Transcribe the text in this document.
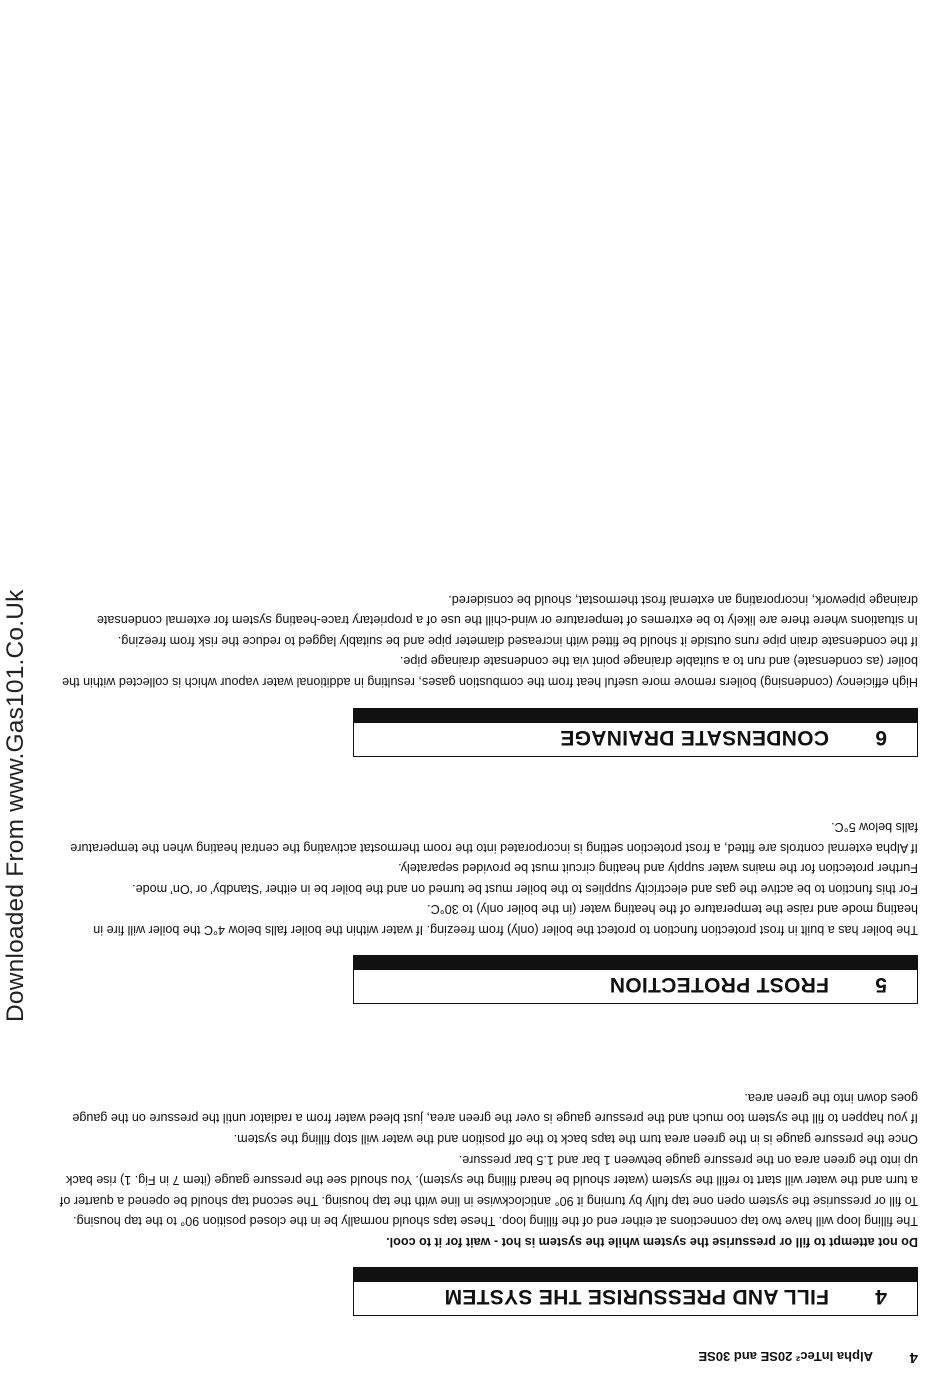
4
Alpha InTec² 20SE and 30SE
4FILL AND PRESSURISE THE SYSTEM

Do not attempt to fill or pressurise the system while the system is hot - wait for it to cool.

The filling loop will have two tap connections at either end of the filling loop. These taps should normally be in the closed position 90° to the tap housing.

To fill or pressurise the system open one tap fully by turning it 90° anticlockwise in line with the tap housing. The second tap should be opened a quarter of a turn and the water will start to refill the system (water should be heard filling the system). You should see the pressure gauge (item 7 in Fig. 1) rise back up into the green area on the pressure gauge between 1 bar and 1.5 bar pressure.

Once the pressure gauge is in the green area turn the taps back to the off position and the water will stop filling the system.

If you happen to fill the system too much and the pressure gauge is over the green area, just bleed water from a radiator until the pressure on the gauge goes down into the green area.

5FROST PROTECTION

The boiler has a built in frost protection function to protect the boiler (only) from freezing. If water within the boiler falls below 4°C the boiler will fire in heating mode and raise the temperature of the heating water (in the boiler only) to 30°C.

For this function to be active the gas and electricity supplies to the boiler must be turned on and the boiler be in either ‘Standby’ or ‘On’ mode.

Further protection for the mains water supply and heating circuit must be provided separately.

If Alpha external controls are fitted, a frost protection setting is incorporated into the room thermostat activating the central heating when the temperature falls below 5°C.

6CONDENSATE DRAINAGE

High efficiency (condensing) boilers remove more useful heat from the combustion gases, resulting in additional water vapour which is collected within the boiler (as condensate) and run to a suitable drainage point via the condensate drainage pipe.

If the condensate drain pipe runs outside it should be fitted with increased diameter pipe and be suitably lagged to reduce the risk from freezing.

In situations where there are likely to be extremes of temperature or wind-chill the use of a proprietary trace-heating system for external condensate drainage pipework, incorporating an external frost thermostat, should be considered.

Downloaded From www.Gas101.Co.Uk
